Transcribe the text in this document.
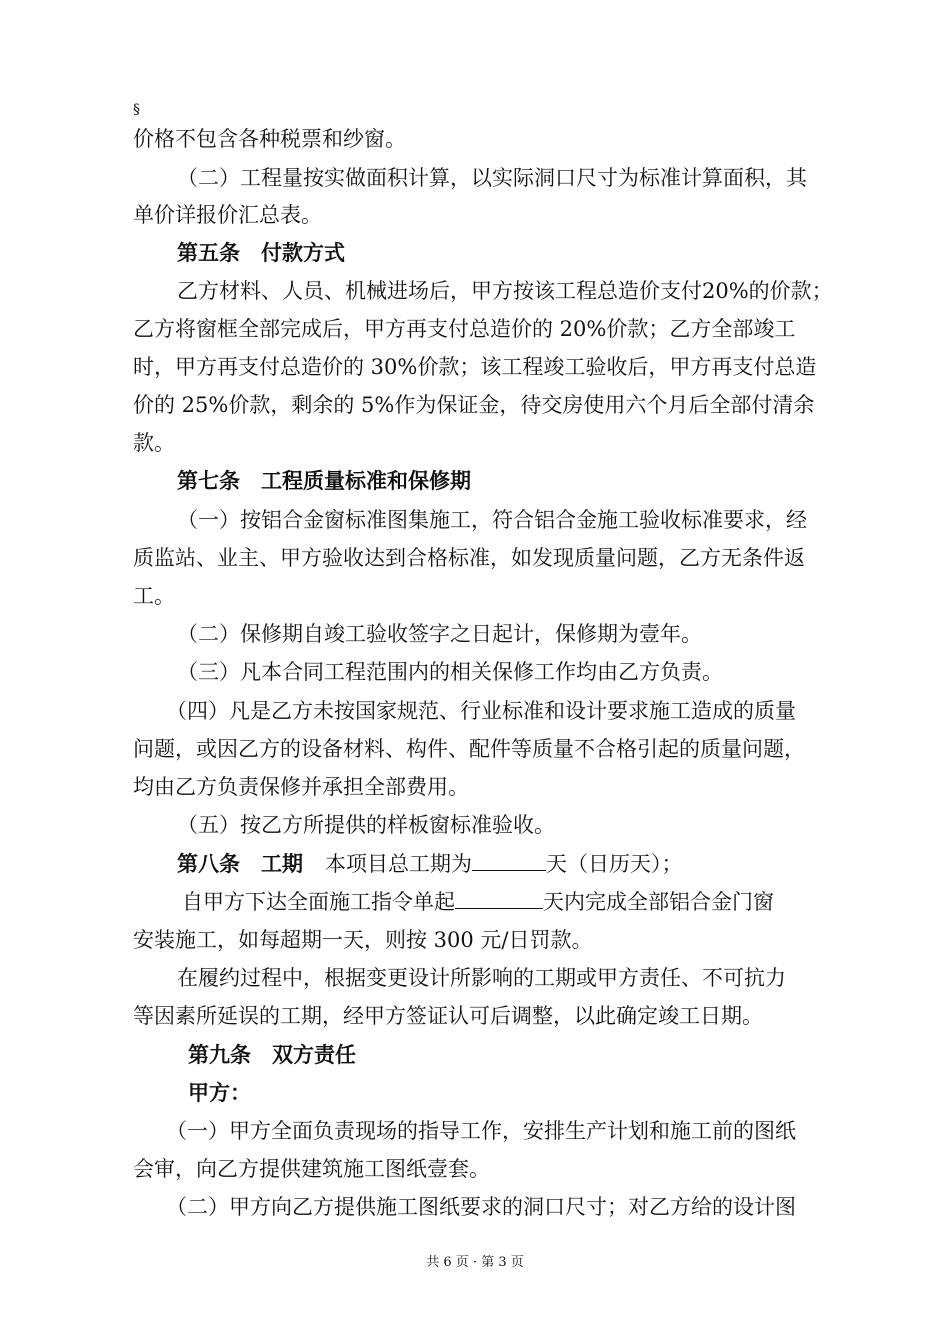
§
价格不包含各种税票和纱窗。
（二）工程量按实做面积计算，以实际洞口尺寸为标准计算面积，其
单价详报价汇总表。
第五条　付款方式
乙方材料、人员、机械进场后，甲方按该工程总造价支付20%的价款；
乙方将窗框全部完成后，甲方再支付总造价的 20%价款；乙方全部竣工
时，甲方再支付总造价的 30%价款；该工程竣工验收后，甲方再支付总造
价的 25%价款，剩余的 5%作为保证金，待交房使用六个月后全部付清余
款。
第七条　工程质量标准和保修期
（一）按铝合金窗标准图集施工，符合铝合金施工验收标准要求，经
质监站、业主、甲方验收达到合格标准，如发现质量问题，乙方无条件返
工。
（二）保修期自竣工验收签字之日起计，保修期为壹年。
（三）凡本合同工程范围内的相关保修工作均由乙方负责。
（四）凡是乙方未按国家规范、行业标准和设计要求施工造成的质量
问题，或因乙方的设备材料、构件、配件等质量不合格引起的质量问题，
均由乙方负责保修并承担全部费用。
（五）按乙方所提供的样板窗标准验收。
第八条　工期 本项目总工期为	天（日历天）；
自甲方下达全面施工指令单起	天内完成全部铝合金门窗
安装施工，如每超期一天，则按 300 元/日罚款。
在履约过程中，根据变更设计所影响的工期或甲方责任、不可抗力
等因素所延误的工期，经甲方签证认可后调整，以此确定竣工日期。
第九条　双方责任
甲方：
（一）甲方全面负责现场的指导工作，安排生产计划和施工前的图纸
会审，向乙方提供建筑施工图纸壹套。
（二）甲方向乙方提供施工图纸要求的洞口尺寸；对乙方给的设计图
共 6 页 · 第 3 页
